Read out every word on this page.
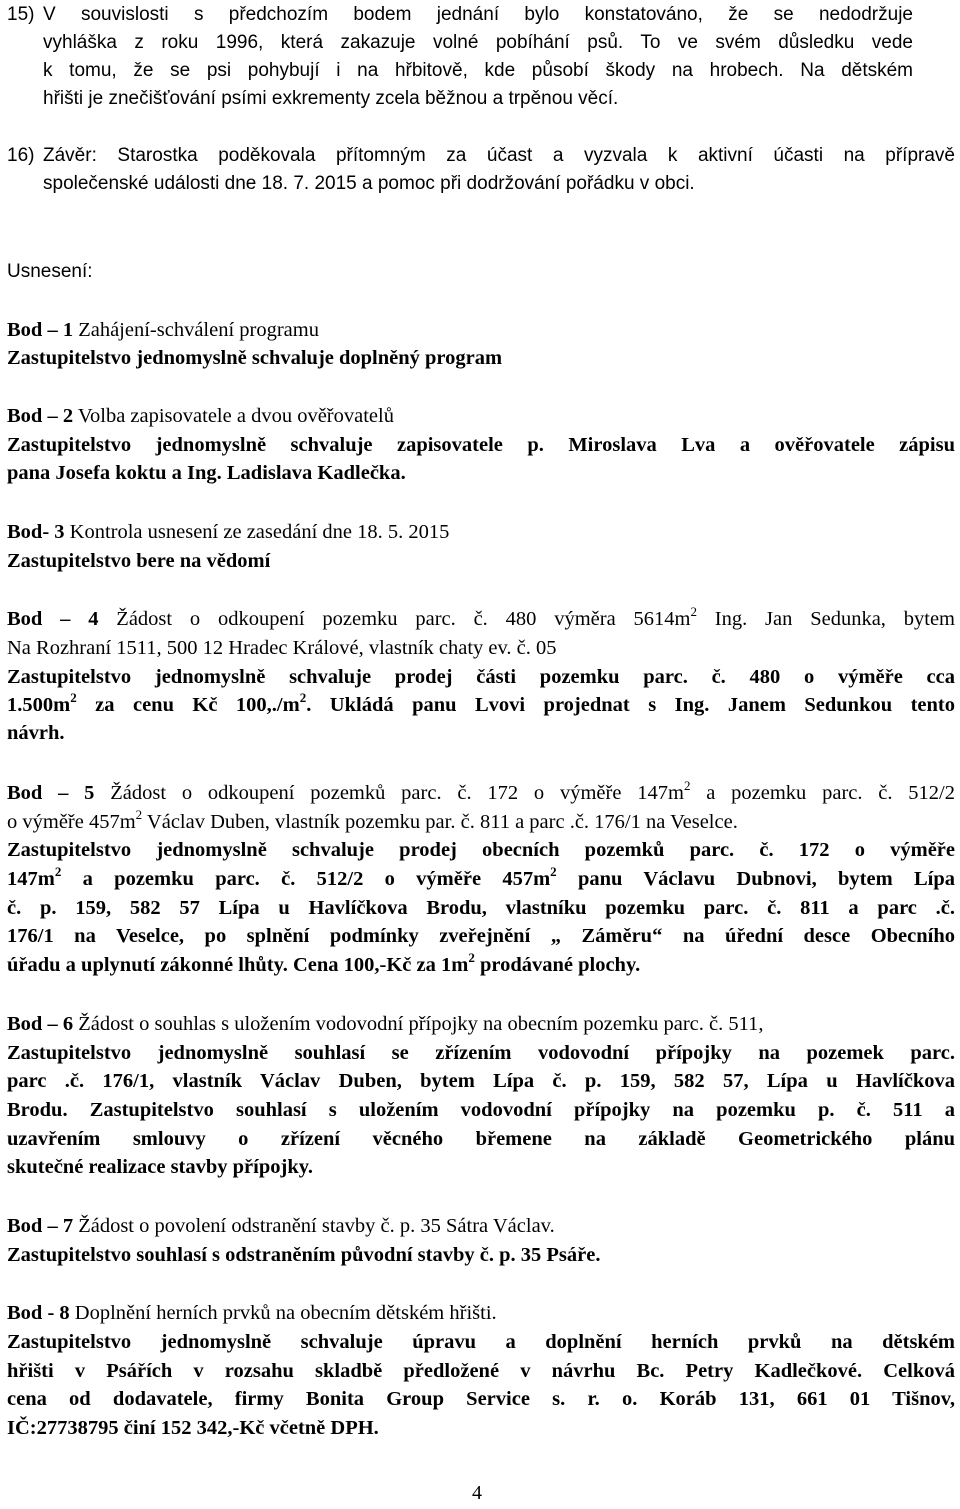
15) V souvislosti s předchozím bodem jednání bylo konstatováno, že se nedodržuje

vyhláška z roku 1996, která zakazuje volné pobíhání psů. To ve svém důsledku vede

k tomu, že se psi pohybují i na hřbitově, kde působí škody na hrobech. Na dětském

hřišti je znečišťování psími exkrementy zcela běžnou a trpěnou věcí.

16) Závěr: Starostka poděkovala přítomným za účast a vyzvala k aktivní účasti na přípravě

společenské události dne 18. 7. 2015 a pomoc při dodržování pořádku v obci.

Usnesení:

Bod – 1 Zahájení-schválení programu

Zastupitelstvo jednomyslně schvaluje doplněný program

Bod – 2 Volba zapisovatele a dvou ověřovatelů

Zastupitelstvo jednomyslně schvaluje zapisovatele p. Miroslava Lva a ověřovatele zápisu

pana Josefa koktu a Ing. Ladislava Kadlečka.

Bod- 3 Kontrola usnesení ze zasedání dne 18. 5. 2015

Zastupitelstvo bere na vědomí

Bod – 4 Žádost o odkoupení pozemku parc. č. 480 výměra $5614m^2$ Ing. Jan Sedunka, bytem

Na Rozhraní 1511, 500 12 Hradec Králové, vlastník chaty ev. č. 05

Zastupitelstvo jednomyslně schvaluje prodej části pozemku parc. č. 480 o výměře cca

$1.500m^2$ za cenu Kč $100,./m^2$. Ukládá panu Lvovi projednat s Ing. Janem Sedunkou tento

návrh.

Bod – 5 Žádost o odkoupení pozemků parc. č. 172 o výměře $147m^2$ a pozemku parc. č. 512/2

o výměře $457m^2$ Václav Duben, vlastník pozemku par. č. 811 a parc .č. 176/1 na Veselce.

Zastupitelstvo jednomyslně schvaluje prodej obecních pozemků parc. č. 172 o výměře

$147m^2$ a pozemku parc. č. 512/2 o výměře $457m^2$ panu Václavu Dubnovi, bytem Lípa

č. p. 159, 582 57 Lípa u Havlíčkova Brodu, vlastníku pozemku parc. č. 811 a parc .č.

176/1 na Veselce, po splnění podmínky zveřejnění „ Záměru“ na úřední desce Obecního

úřadu a uplynutí zákonné lhůty. Cena 100,-Kč za $1m^2$ prodávané plochy.

Bod – 6 Žádost o souhlas s uložením vodovodní přípojky na obecním pozemku parc. č. 511,

Zastupitelstvo jednomyslně souhlasí se zřízením vodovodní přípojky na pozemek parc.

parc .č. 176/1, vlastník Václav Duben, bytem Lípa č. p. 159, 582 57, Lípa u Havlíčkova

Brodu. Zastupitelstvo souhlasí s uložením vodovodní přípojky na pozemku p. č. 511 a

uzavřením smlouvy o zřízení věcného břemene na základě Geometrického plánu

skutečné realizace stavby přípojky.

Bod – 7 Žádost o povolení odstranění stavby č. p. 35 Sátra Václav.

Zastupitelstvo souhlasí s odstraněním původní stavby č. p. 35 Psáře.

Bod - 8 Doplnění herních prvků na obecním dětském hřišti.

Zastupitelstvo jednomyslně schvaluje úpravu a doplnění herních prvků na dětském

hřišti v Psářích v rozsahu skladbě předložené v návrhu Bc. Petry Kadlečkové. Celková

cena od dodavatele, firmy Bonita Group Service s. r. o. Koráb 131, 661 01 Tišnov,

IČ:27738795 činí 152 342,-Kč včetně DPH.

4
